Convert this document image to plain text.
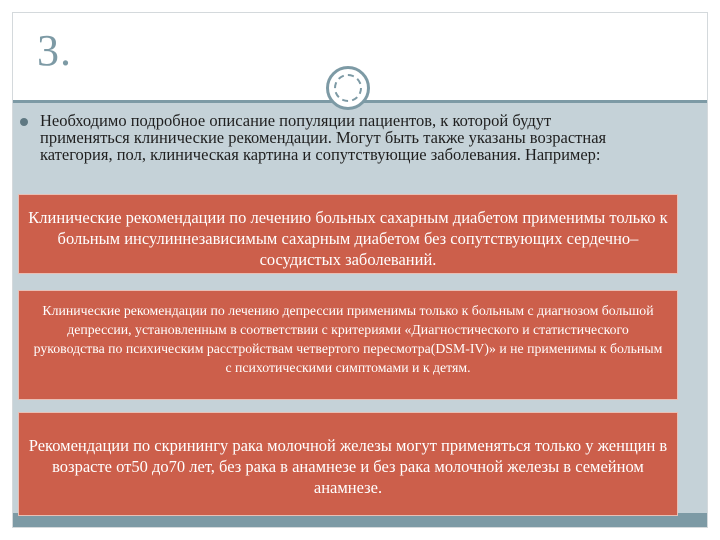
3.
Необходимо подробное описание популяции пациентов, к которой будут применяться клинические рекомендации. Могут быть также указаны возрастная категория, пол, клиническая картина и сопутствующие заболевания. Например:
Клинические рекомендации по лечению больных сахарным диабетом применимы только к больным инсулиннезависимым сахарным диабетом без сопутствующих сердечно–сосудистых заболеваний.
Клинические рекомендации по лечению депрессии применимы только к больным с диагнозом большой депрессии, установленным в соответствии с критериями «Диагностического и статистического руководства по психическим расстройствам четвертого пересмотра(DSM-IV)» и не применимы к больным с психотическими симптомами и к детям.
Рекомендации по скринингу рака молочной железы могут применяться только у женщин в возрасте от50 до70 лет, без рака в анамнезе и без рака молочной железы в семейном анамнезе.
